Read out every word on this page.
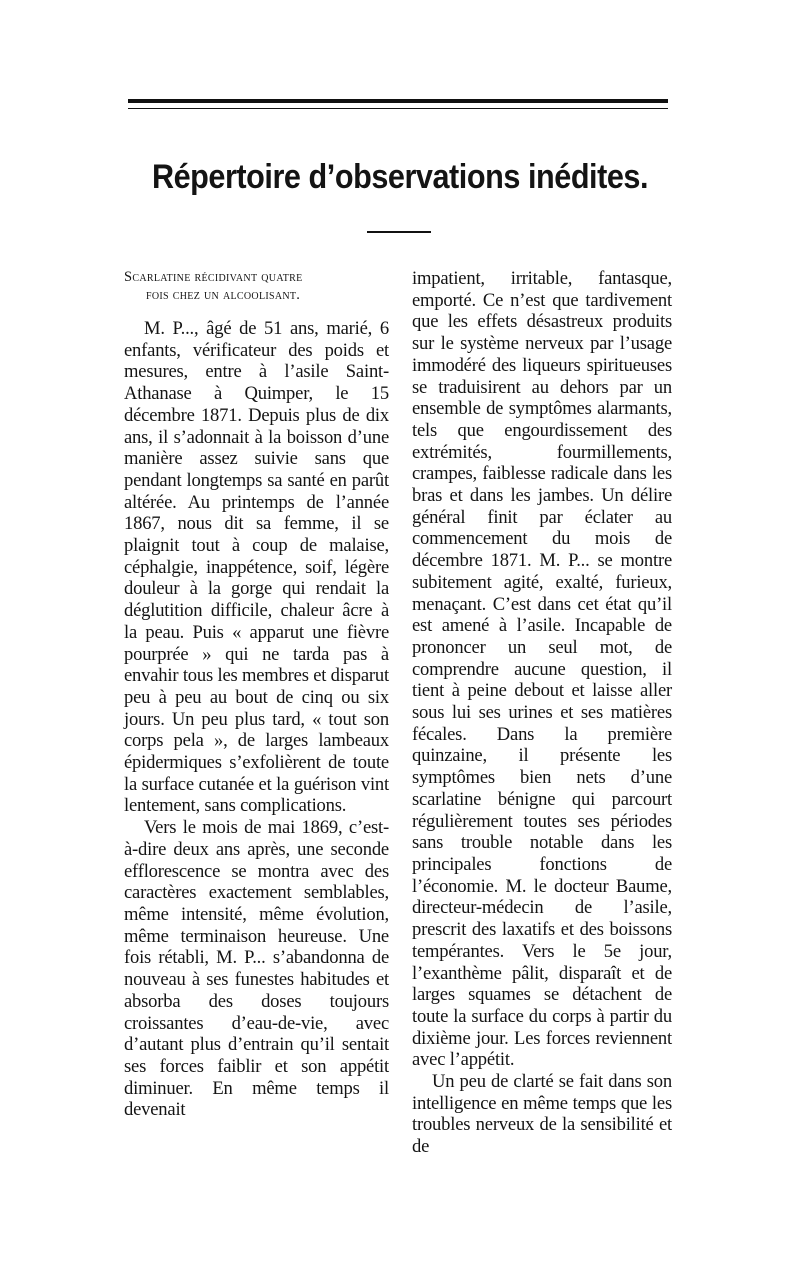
Répertoire d’observations inédites.
Scarlatine récidivant quatre
fois chez un alcoolisant.

M. P..., âgé de 51 ans, marié, 6 enfants, vérificateur des poids et mesures, entre à l’asile Saint-Athanase à Quimper, le 15 décembre 1871. Depuis plus de dix ans, il s’adonnait à la boisson d’une manière assez suivie sans que pendant longtemps sa santé en parût altérée. Au printemps de l’année 1867, nous dit sa femme, il se plaignit tout à coup de malaise, céphalgie, inappétence, soif, légère douleur à la gorge qui rendait la déglutition difficile, chaleur âcre à la peau. Puis « apparut une fièvre pourprée » qui ne tarda pas à envahir tous les membres et disparut peu à peu au bout de cinq ou six jours. Un peu plus tard, « tout son corps pela », de larges lambeaux épidermiques s’exfolièrent de toute la surface cutanée et la guérison vint lentement, sans complications.

Vers le mois de mai 1869, c’est-à-dire deux ans après, une seconde efflorescence se montra avec des caractères exactement semblables, même intensité, même évolution, même terminaison heureuse. Une fois rétabli, M. P... s’abandonna de nouveau à ses funestes habitudes et absorba des doses toujours croissantes d’eau-de-vie, avec d’autant plus d’entrain qu’il sentait ses forces faiblir et son appétit diminuer. En même temps il devenait

impatient, irritable, fantasque, emporté. Ce n’est que tardivement que les effets désastreux produits sur le système nerveux par l’usage immodéré des liqueurs spiritueuses se traduisirent au dehors par un ensemble de symptômes alarmants, tels que engourdissement des extrémités, fourmillements, crampes, faiblesse radicale dans les bras et dans les jambes. Un délire général finit par éclater au commencement du mois de décembre 1871. M. P... se montre subitement agité, exalté, furieux, menaçant. C’est dans cet état qu’il est amené à l’asile. Incapable de prononcer un seul mot, de comprendre aucune question, il tient à peine debout et laisse aller sous lui ses urines et ses matières fécales. Dans la première quinzaine, il présente les symptômes bien nets d’une scarlatine bénigne qui parcourt régulièrement toutes ses périodes sans trouble notable dans les principales fonctions de l’économie. M. le docteur Baume, directeur-médecin de l’asile, prescrit des laxatifs et des boissons tempérantes. Vers le 5e jour, l’exanthème pâlit, disparaît et de larges squames se détachent de toute la surface du corps à partir du dixième jour. Les forces reviennent avec l’appétit.

Un peu de clarté se fait dans son intelligence en même temps que les troubles nerveux de la sensibilité et de
